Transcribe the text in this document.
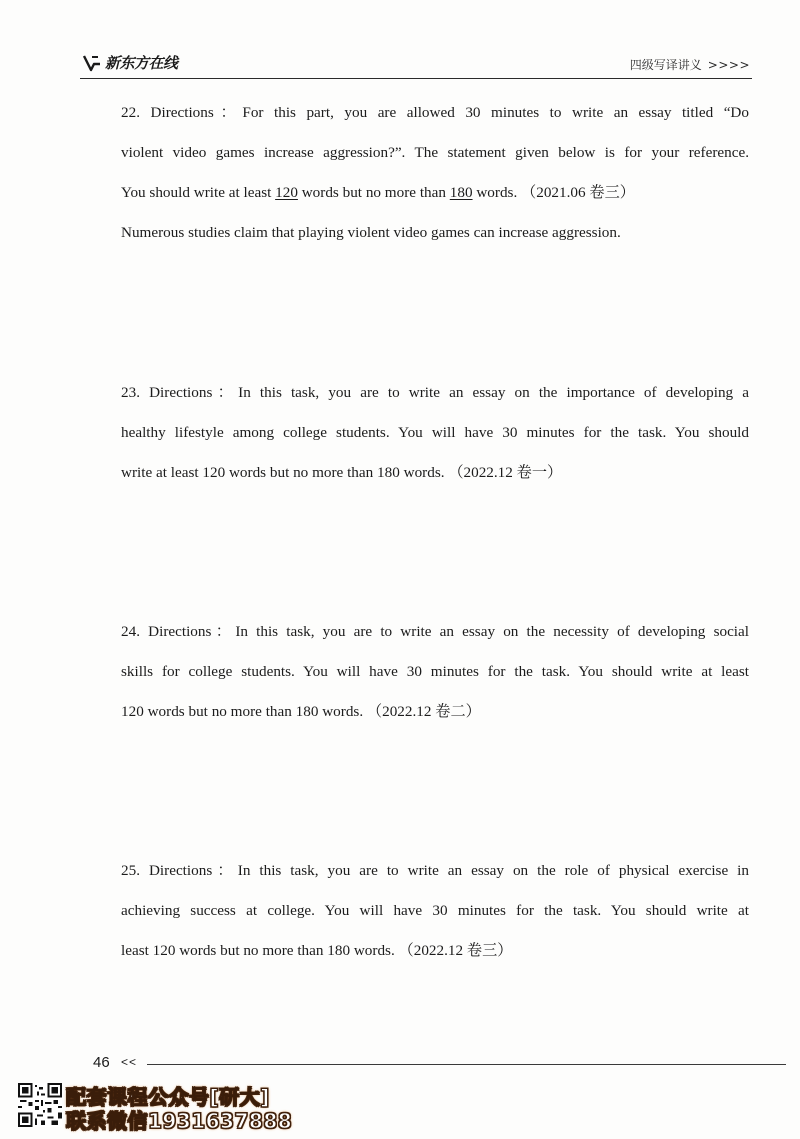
新东方在线	四级写译讲义 >>>>
22. Directions：For this part, you are allowed 30 minutes to write an essay titled “Do
violent video games increase aggression?”. The statement given below is for your reference.
You should write at least 120 words but no more than 180 words. （2021.06 卷三）
Numerous studies claim that playing violent video games can increase aggression.
23. Directions：In this task, you are to write an essay on the importance of developing a
healthy lifestyle among college students. You will have 30 minutes for the task. You should
write at least 120 words but no more than 180 words. （2022.12 卷一）
24. Directions：In this task, you are to write an essay on the necessity of developing social
skills for college students. You will have 30 minutes for the task. You should write at least
120 words but no more than 180 words. （2022.12 卷二）
25. Directions：In this task, you are to write an essay on the role of physical exercise in
achieving success at college. You will have 30 minutes for the task. You should write at
least 120 words but no more than 180 words. （2022.12 卷三）
46 <<
配套课程公众号[研大]
联系微信1931637888
